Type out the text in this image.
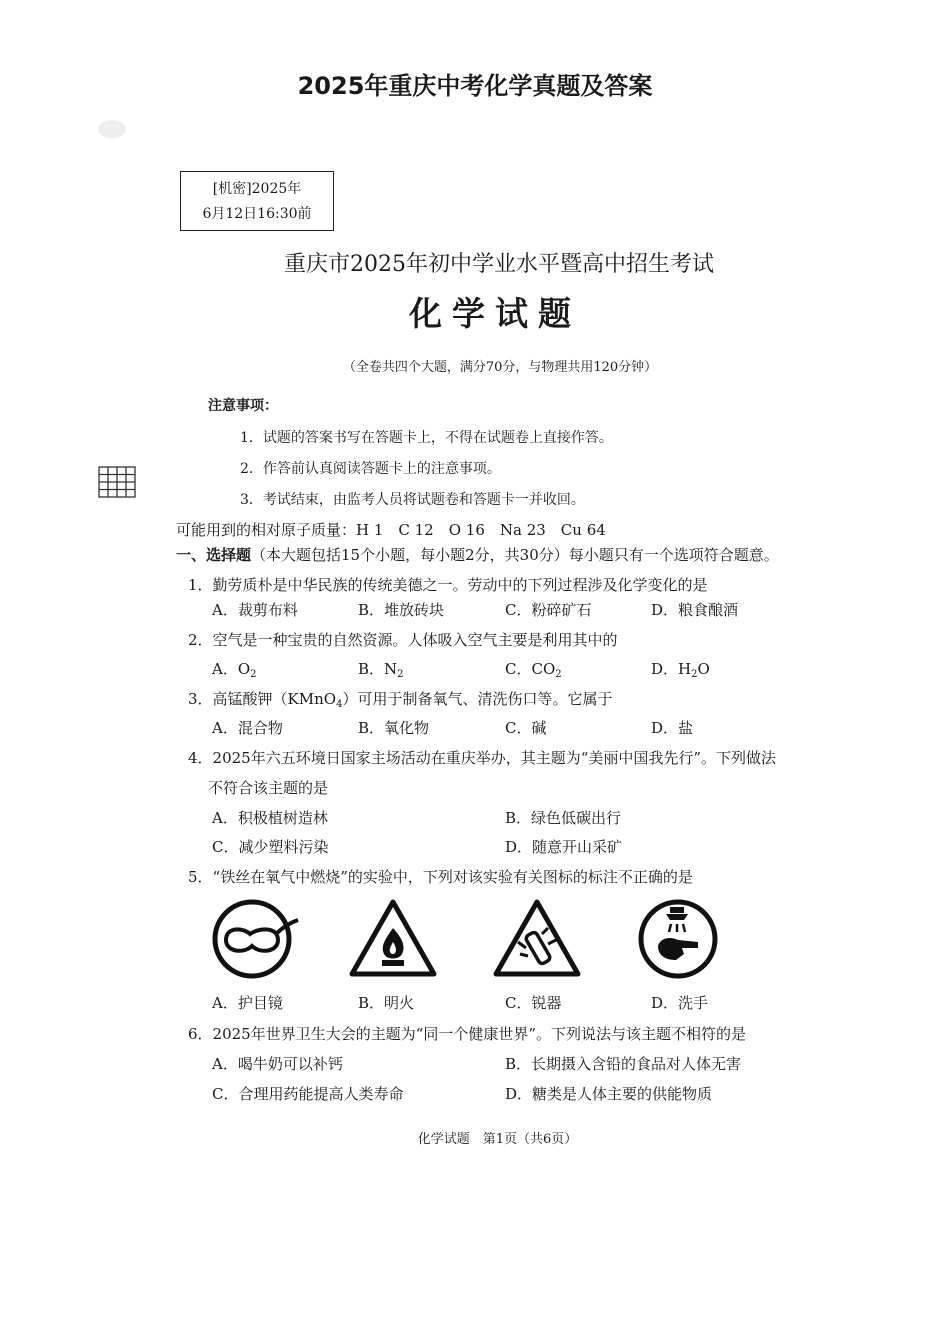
2025年重庆中考化学真题及答案
[机密]2025年
6月12日16:30前
重庆市2025年初中学业水平暨高中招生考试
化学试题
（全卷共四个大题，满分70分，与物理共用120分钟）
注意事项：
1．试题的答案书写在答题卡上，不得在试题卷上直接作答。
2．作答前认真阅读答题卡上的注意事项。
3．考试结束，由监考人员将试题卷和答题卡一并收回。
可能用到的相对原子质量：H 1　C 12　O 16　Na 23　Cu 64
一、选择题（本大题包括15个小题，每小题2分，共30分）每小题只有一个选项符合题意。
1．勤劳质朴是中华民族的传统美德之一。劳动中的下列过程涉及化学变化的是
A．裁剪布料	B．堆放砖块	C．粉碎矿石	D．粮食酿酒
2．空气是一种宝贵的自然资源。人体吸入空气主要是利用其中的
A．$O_2$	B．$N_2$	C．$CO_2$	D．$H_2O$
3．高锰酸钾（KMnO$_4$）可用于制备氧气、清洗伤口等。它属于
A．混合物	B．氧化物	C．碱	D．盐
4．2025年六五环境日国家主场活动在重庆举办，其主题为“美丽中国我先行”。下列做法
不符合该主题的是
A．积极植树造林	B．绿色低碳出行
C．减少塑料污染	D．随意开山采矿
5．“铁丝在氧气中燃烧”的实验中，下列对该实验有关图标的标注不正确的是
A．护目镜	B．明火	C．锐器	D．洗手
6．2025年世界卫生大会的主题为“同一个健康世界”。下列说法与该主题不相符的是
A．喝牛奶可以补钙	B．长期摄入含铅的食品对人体无害
C．合理用药能提高人类寿命	D．糖类是人体主要的供能物质
化学试题　第1页（共6页）
